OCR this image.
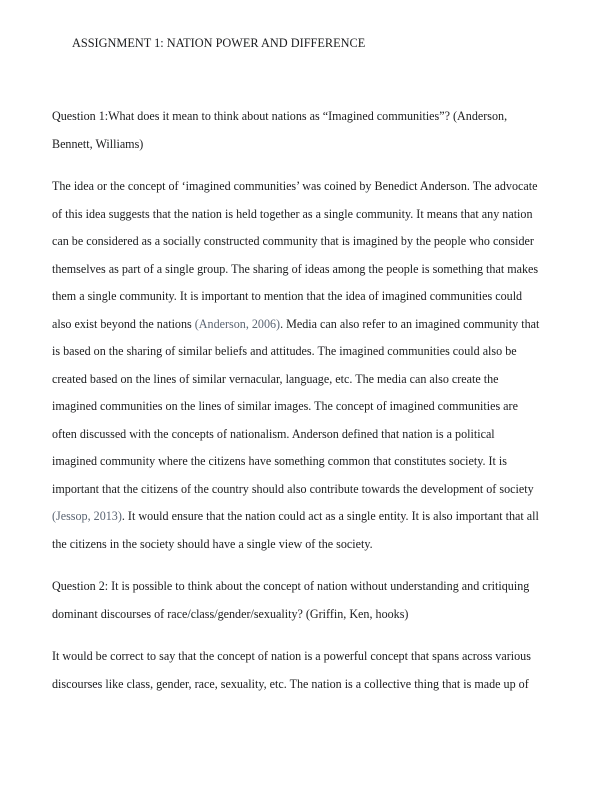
ASSIGNMENT 1: NATION POWER AND DIFFERENCE
Question 1:What does it mean to think about nations as “Imagined communities”? (Anderson,
Bennett, Williams)
The idea or the concept of ‘imagined communities’ was coined by Benedict Anderson. The advocate
of this idea suggests that the nation is held together as a single community. It means that any nation
can be considered as a socially constructed community that is imagined by the people who consider
themselves as part of a single group. The sharing of ideas among the people is something that makes
them a single community. It is important to mention that the idea of imagined communities could
also exist beyond the nations (Anderson, 2006). Media can also refer to an imagined community that
is based on the sharing of similar beliefs and attitudes. The imagined communities could also be
created based on the lines of similar vernacular, language, etc. The media can also create the
imagined communities on the lines of similar images. The concept of imagined communities are
often discussed with the concepts of nationalism. Anderson defined that nation is a political
imagined community where the citizens have something common that constitutes society. It is
important that the citizens of the country should also contribute towards the development of society
(Jessop, 2013). It would ensure that the nation could act as a single entity. It is also important that all
the citizens in the society should have a single view of the society.
Question 2: It is possible to think about the concept of nation without understanding and critiquing
dominant discourses of race/class/gender/sexuality? (Griffin, Ken, hooks)
It would be correct to say that the concept of nation is a powerful concept that spans across various
discourses like class, gender, race, sexuality, etc. The nation is a collective thing that is made up of
